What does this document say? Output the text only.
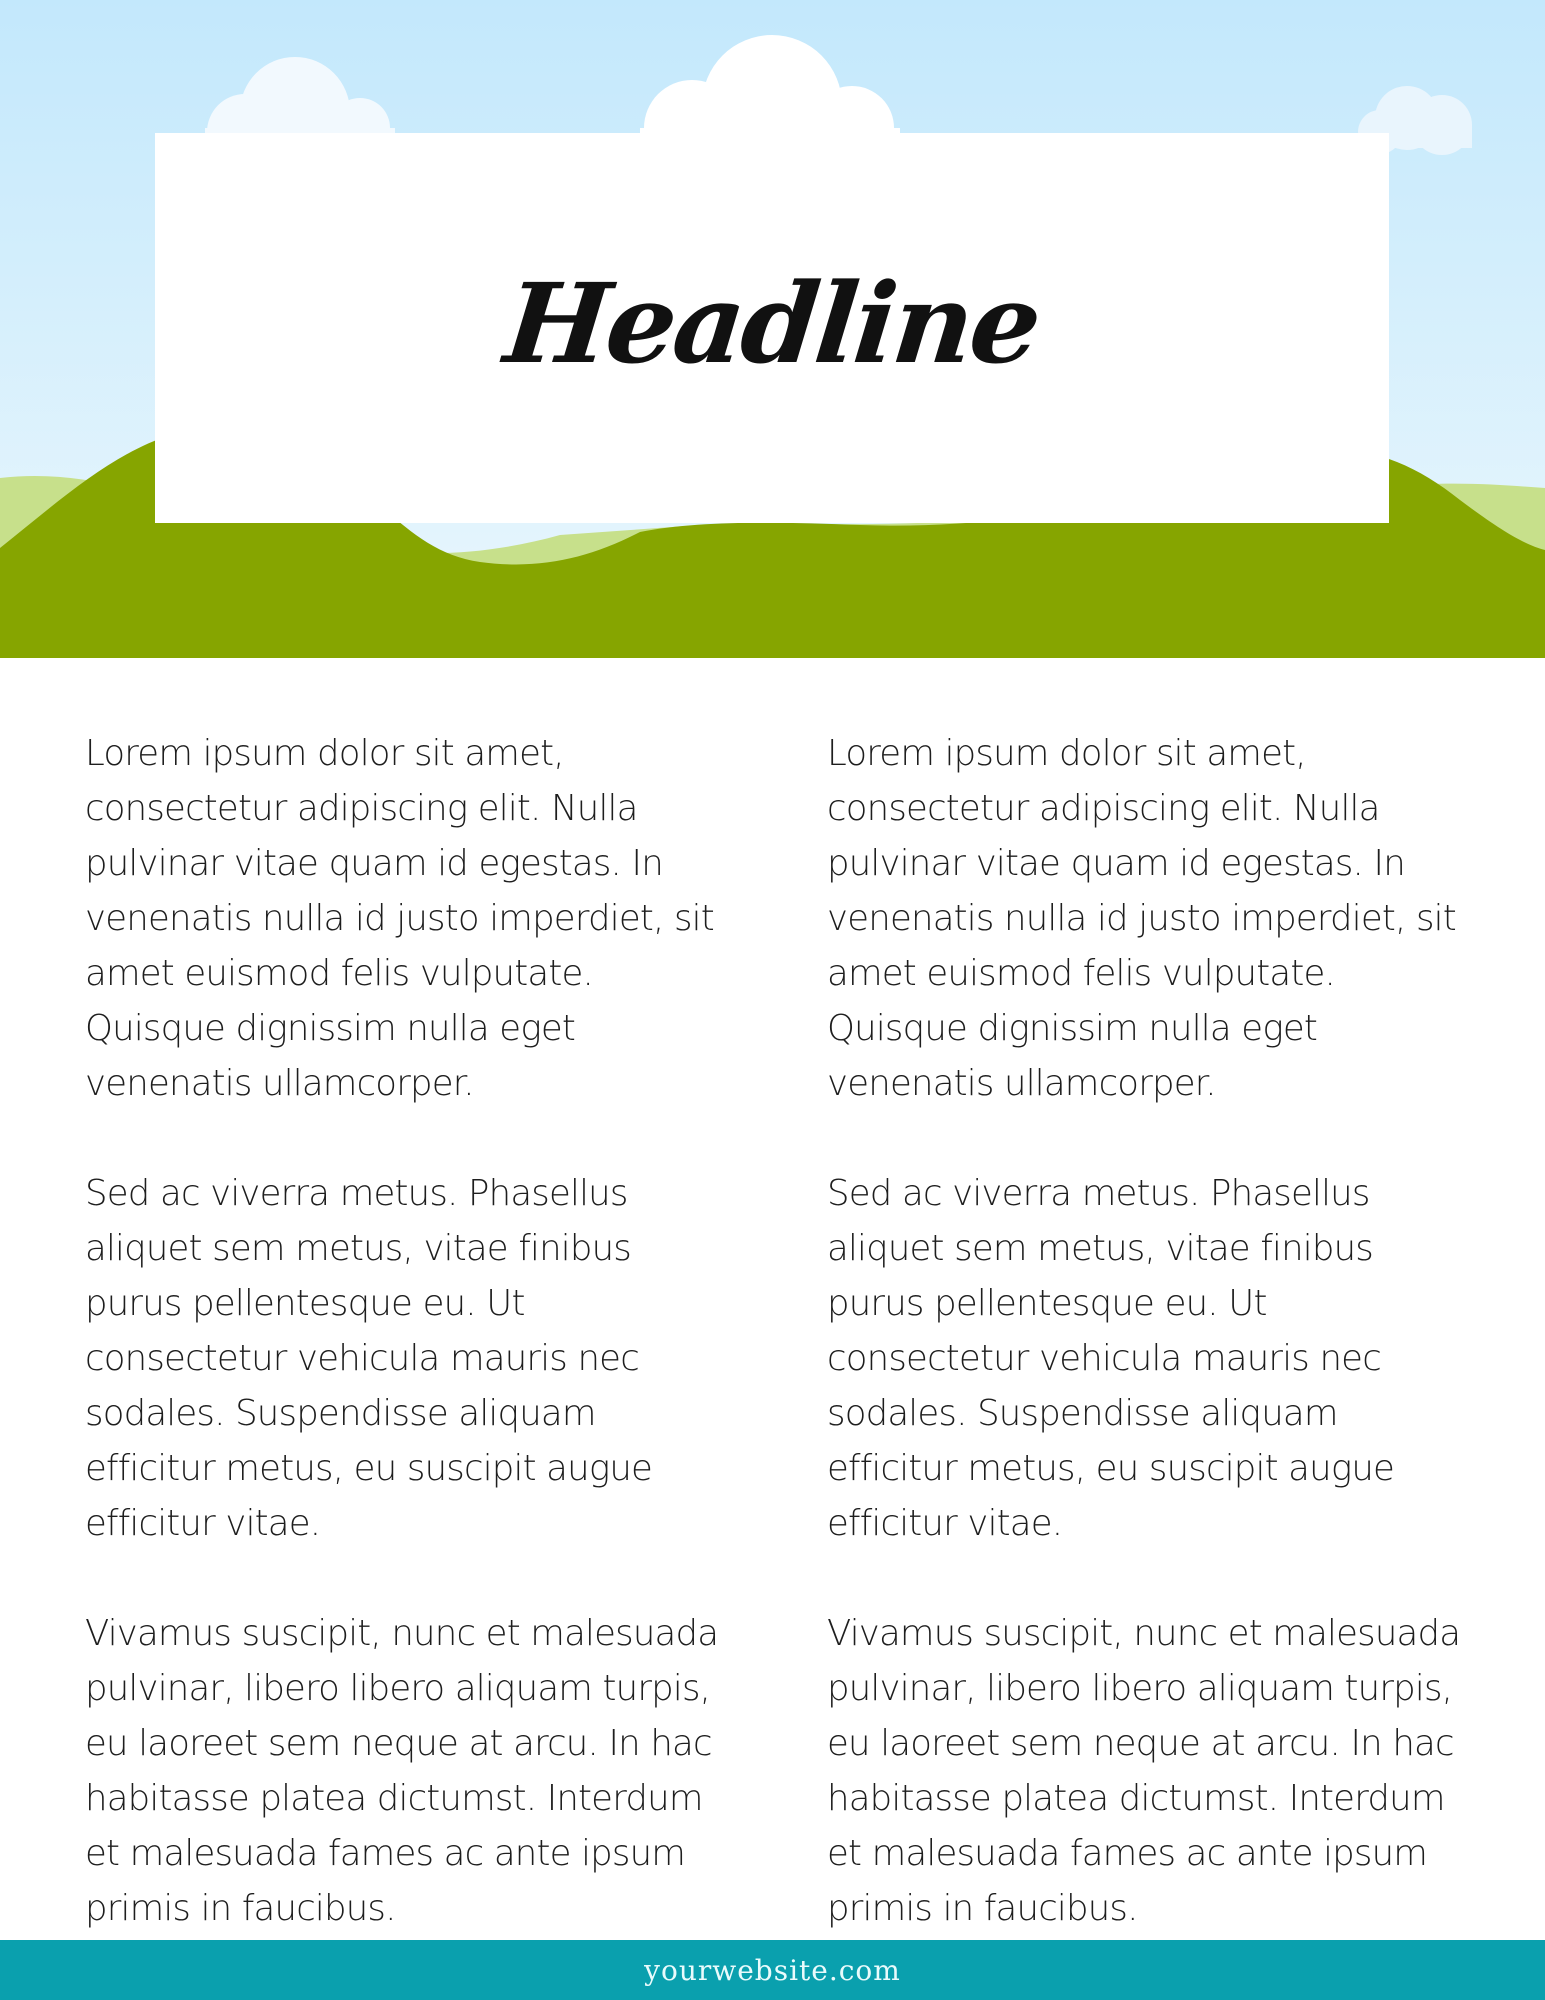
Headline

Lorem ipsum dolor sit amet, consectetur adipiscing elit. Nulla pulvinar vitae quam id egestas. In venenatis nulla id justo imperdiet, sit amet euismod felis vulputate. Quisque dignissim nulla eget venenatis ullamcorper.

Sed ac viverra metus. Phasellus aliquet sem metus, vitae finibus purus pellentesque eu. Ut consectetur vehicula mauris nec sodales. Suspendisse aliquam efficitur metus, eu suscipit augue efficitur vitae.

Vivamus suscipit, nunc et malesuada pulvinar, libero libero aliquam turpis, eu laoreet sem neque at arcu. In hac habitasse platea dictumst. Interdum et malesuada fames ac ante ipsum primis in faucibus.

Lorem ipsum dolor sit amet, consectetur adipiscing elit. Nulla pulvinar vitae quam id egestas. In venenatis nulla id justo imperdiet, sit amet euismod felis vulputate. Quisque dignissim nulla eget venenatis ullamcorper.

Sed ac viverra metus. Phasellus aliquet sem metus, vitae finibus purus pellentesque eu. Ut consectetur vehicula mauris nec sodales. Suspendisse aliquam efficitur metus, eu suscipit augue efficitur vitae.

Vivamus suscipit, nunc et malesuada pulvinar, libero libero aliquam turpis, eu laoreet sem neque at arcu. In hac habitasse platea dictumst. Interdum et malesuada fames ac ante ipsum primis in faucibus.

yourwebsite.com
